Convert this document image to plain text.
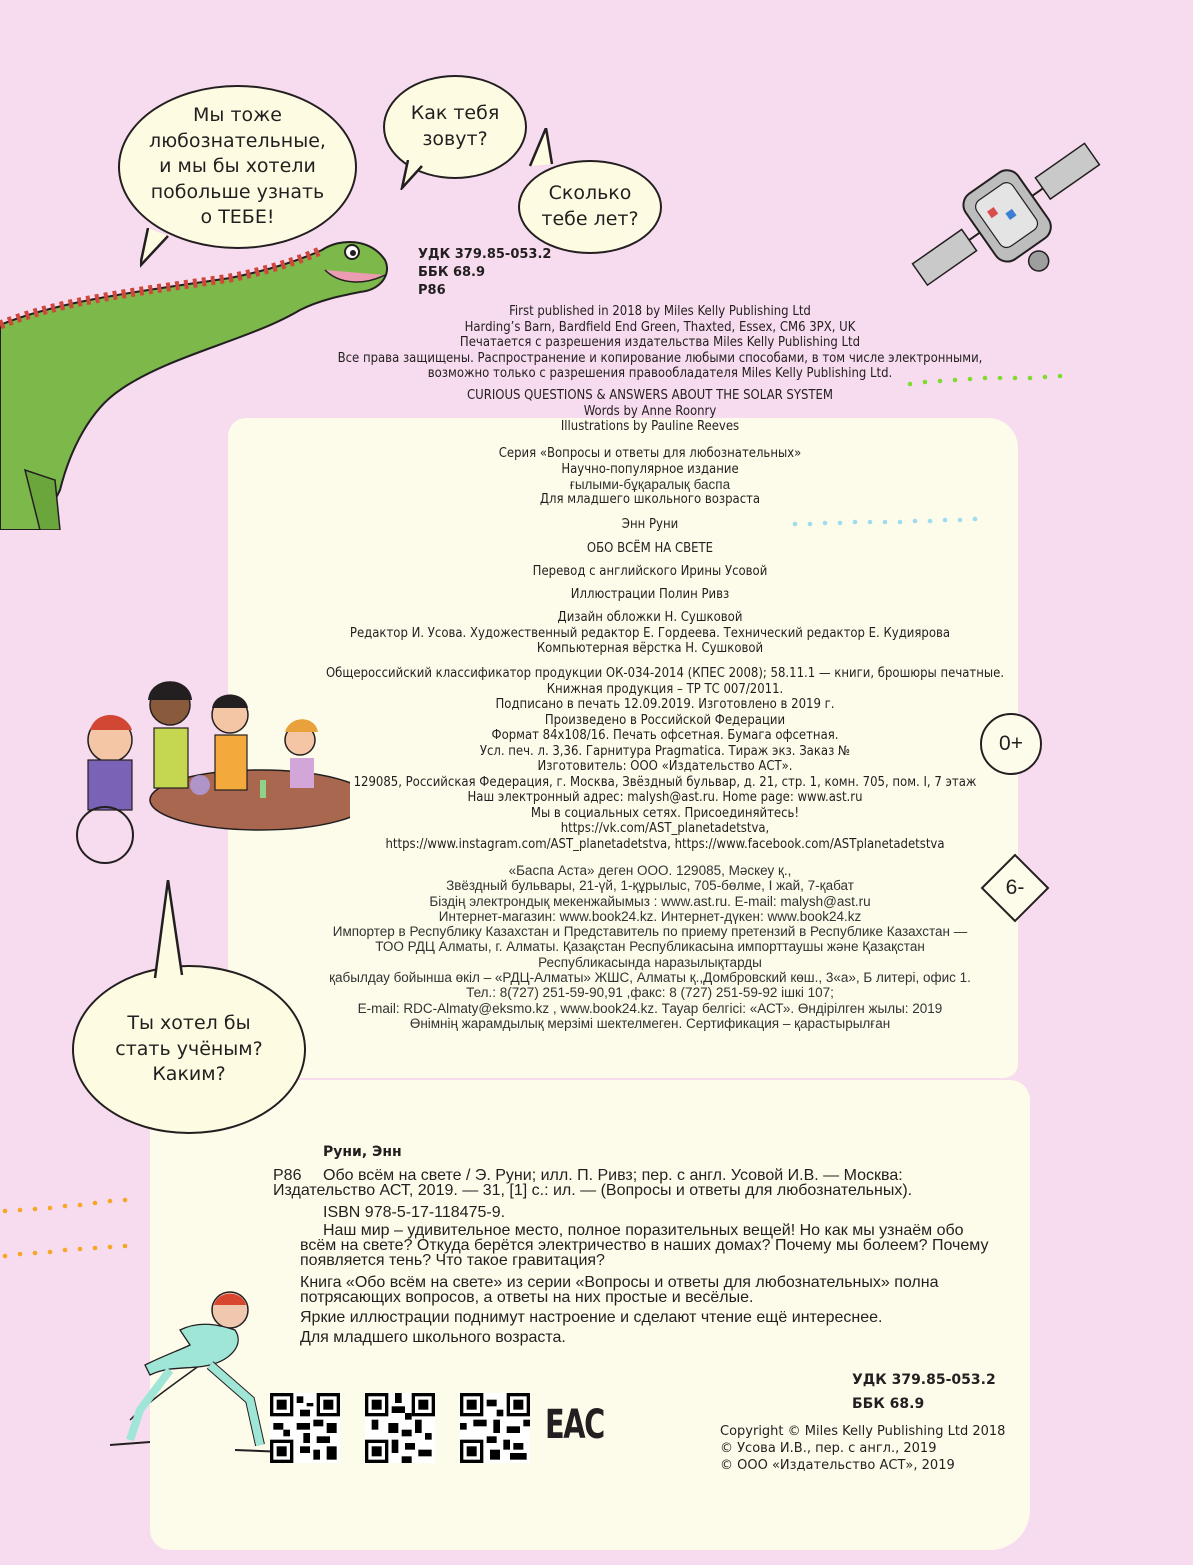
Мы тоже
любознательные,
и мы бы хотели
побольше узнать
о ТЕБЕ!
Как тебя
зовут?
Сколько
тебе лет?
Ты хотел бы
стать учёным?
Каким?
УДК 379.85-053.2
ББК 68.9
Р86
First published in 2018 by Miles Kelly Publishing Ltd
Harding’s Barn, Bardfield End Green, Thaxted, Essex, CM6 3PX, UK
Печатается с разрешения издательства Miles Kelly Publishing Ltd
Все права защищены. Распространение и копирование любыми способами, в том числе электронными,
возможно только с разрешения правообладателя Miles Kelly Publishing Ltd.
CURIOUS QUESTIONS & ANSWERS ABOUT THE SOLAR SYSTEM
Words by Anne Roonry
Illustrations by Pauline Reeves
Серия «Вопросы и ответы для любознательных»
Научно-популярное издание
ғылыми-бұқаралық баспа
Для младшего школьного возраста
Энн Руни
ОБО ВСЁМ НА СВЕТЕ
Перевод с английского Ирины Усовой
Иллюстрации Полин Ривз
Дизайн обложки Н. Сушковой
Редактор И. Усова. Художественный редактор Е. Гордеева. Технический редактор Е. Кудиярова
Компьютерная вёрстка Н. Сушковой
Общероссийский классификатор продукции ОК-034-2014 (КПЕС 2008); 58.11.1 — книги, брошюры печатные.
Книжная продукция – ТР ТС 007/2011.
Подписано в печать 12.09.2019. Изготовлено в 2019 г.
Произведено в Российской Федерации
Формат 84x108/16. Печать офсетная. Бумага офсетная.
Усл. печ. л. 3,36. Гарнитура Pragmatica. Тираж экз. Заказ №
Изготовитель: ООО «Издательство АСТ».
129085, Российская Федерация, г. Москва, Звёздный бульвар, д. 21, стр. 1, комн. 705, пом. I, 7 этаж
Наш электронный адрес: malysh@ast.ru. Home page: www.ast.ru
Мы в социальных сетях. Присоединяйтесь!
https://vk.com/AST_planetadetstva,
https://www.instagram.com/AST_planetadetstva, https://www.facebook.com/ASTplanetadetstva
«Баспа Аста» деген ООО. 129085, Мәскеу қ.,
Звёздный бульвары, 21-үй, 1-құрылыс, 705-бөлме, I жай, 7-қабат
Біздің электрондық мекенжайымыз : www.ast.ru. E-mail: malysh@ast.ru
Интернет-магазин: www.book24.kz. Интернет-дүкен: www.book24.kz
Импортер в Республику Казахстан и Представитель по приему претензий в Республике Казахстан —
ТОО РДЦ Алматы, г. Алматы. Қазақстан Республикасына импорттаушы және Қазақстан
Республикасында наразылықтарды
қабылдау бойынша өкіл – «РДЦ-Алматы» ЖШС, Алматы қ.,Домбровский көш., 3«а», Б литері, офис 1.
Тел.: 8(727) 251-59-90,91 ,факс: 8 (727) 251-59-92 ішкі 107;
E-mail: RDC-Almaty@eksmo.kz , www.book24.kz. Тауар белгісі: «АСТ». Өндірілген жылы: 2019
Өнімнің жарамдылық мерзімі шектелмеген. Сертификация – қарастырылған
0+
6-
Руни, Энн
Р86 Обо всём на свете / Э. Руни; илл. П. Ривз; пер. с англ. Усовой И.В. — Москва:
Издательство АСТ, 2019. — 31, [1] с.: ил. — (Вопросы и ответы для любознательных).
ISBN 978-5-17-118475-9.
Наш мир – удивительное место, полное поразительных вещей! Но как мы узнаём обо
всём на свете? Откуда берётся электричество в наших домах? Почему мы болеем? Почему
появляется тень? Что такое гравитация?
Книга «Обо всём на свете» из серии «Вопросы и ответы для любознательных» полна
потрясающих вопросов, а ответы на них простые и весёлые.
Яркие иллюстрации поднимут настроение и сделают чтение ещё интереснее.
Для младшего школьного возраста.
УДК 379.85-053.2
ББК 68.9
Copyright © Miles Kelly Publishing Ltd 2018
© Усова И.В., пер. с англ., 2019
© ООО «Издательство АСТ», 2019
EAC
